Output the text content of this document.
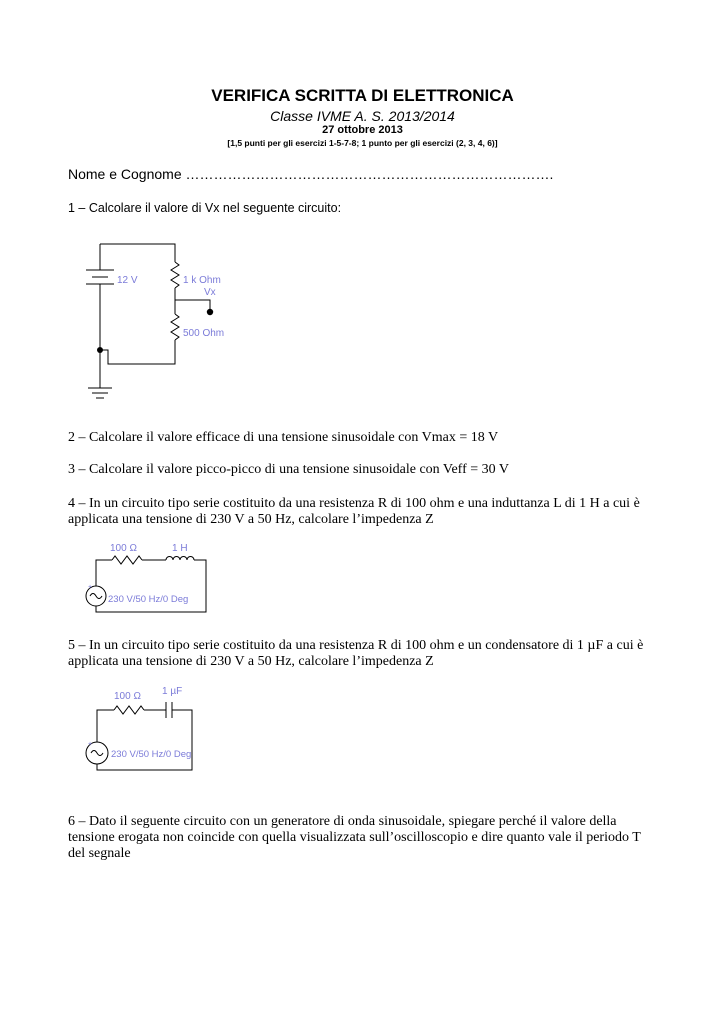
VERIFICA SCRITTA DI ELETTRONICA
Classe IVME A. S. 2013/2014
27 ottobre 2013
[1,5 punti per gli esercizi 1-5-7-8; 1 punto per gli esercizi (2, 3, 4, 6)]
Nome e Cognome …………………………………………………………………….
1 – Calcolare il valore di Vx nel seguente circuito:
12 V	1 k Ohm
Vx
500 Ohm
2 – Calcolare il valore efficace di una tensione sinusoidale con Vmax = 18 V
3 – Calcolare il valore picco-picco di una tensione sinusoidale con Veff = 30 V
4 – In un circuito tipo serie costituito da una resistenza R di 100 ohm e una induttanza L di 1 H a cui è applicata una tensione di 230 V a 50 Hz, calcolare l’impedenza Z
+
100 Ω	1 H
230 V/50 Hz/0 Deg
5 – In un circuito tipo serie costituito da una resistenza R di 100 ohm e un condensatore di 1 µF a cui è applicata una tensione di 230 V a 50 Hz, calcolare l’impedenza Z
+
100 Ω 1 µF
230 V/50 Hz/0 Deg
6 – Dato il seguente circuito con un generatore di onda sinusoidale, spiegare perché il valore della tensione erogata non coincide con quella visualizzata sull’oscilloscopio e dire quanto vale il periodo T del segnale
